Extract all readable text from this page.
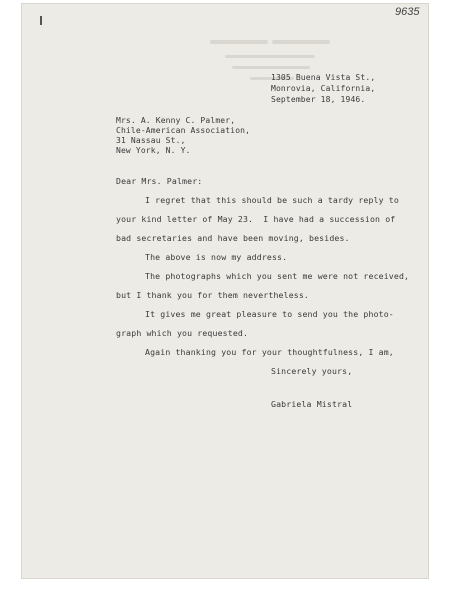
9635
1305 Buena Vista St.,
Monrovia, California,
September 18, 1946.
Mrs. A. Kenny C. Palmer,
Chile-American Association,
31 Nassau St.,
New York, N. Y.
Dear Mrs. Palmer:
I regret that this should be such a tardy reply to
your kind letter of May 23.  I have had a succession of
bad secretaries and have been moving, besides.
The above is now my address.
The photographs which you sent me were not received,
but I thank you for them nevertheless.
It gives me great pleasure to send you the photo-
graph which you requested.
Again thanking you for your thoughtfulness, I am,
Sincerely yours,
Gabriela Mistral
